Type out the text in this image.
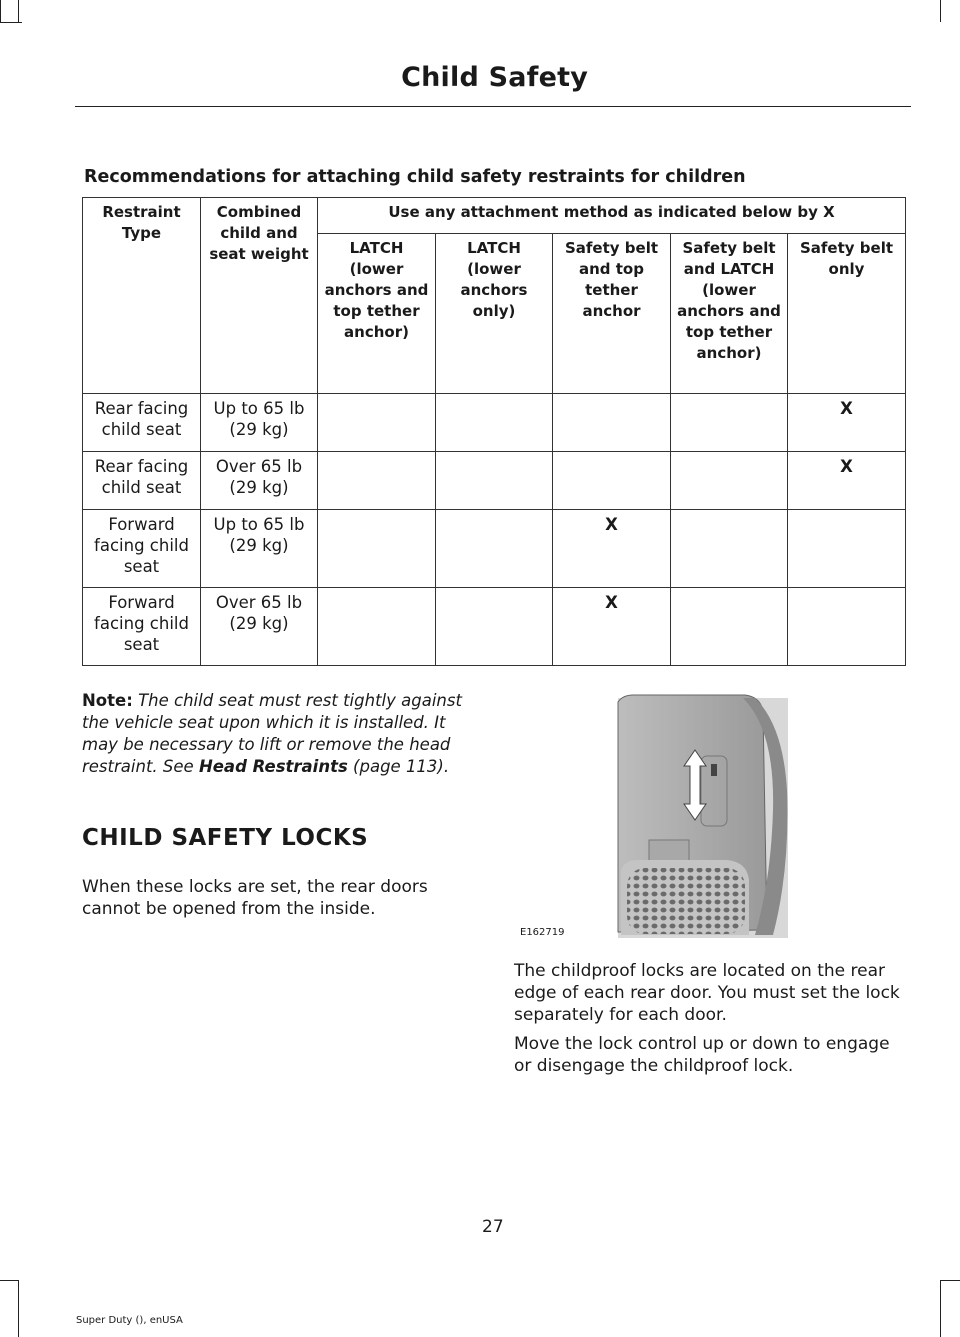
Child Safety
Recommendations for attaching child safety restraints for children
Restraint Type	Combined child and seat weight	Use any attachment method as indicated below by X				
		LATCH (lower anchors and top tether anchor)	LATCH (lower anchors only)	Safety belt and top tether anchor	Safety belt and LATCH (lower anchors and top tether anchor)	Safety belt only
Rear facing child seat	Up to 65 lb (29 kg)					X
Rear facing child seat	Over 65 lb (29 kg)					X
Forward facing child seat	Up to 65 lb (29 kg)			X		
Forward facing child seat	Over 65 lb (29 kg)			X		
Note: The child seat must rest tightly against the vehicle seat upon which it is installed. It may be necessary to lift or remove the head restraint. See Head Restraints (page 113).
CHILD SAFETY LOCKS
When these locks are set, the rear doors cannot be opened from the inside.
E162719
The childproof locks are located on the rear edge of each rear door. You must set the lock separately for each door.
Move the lock control up or down to engage or disengage the childproof lock.
27
Super Duty (), enUSA
